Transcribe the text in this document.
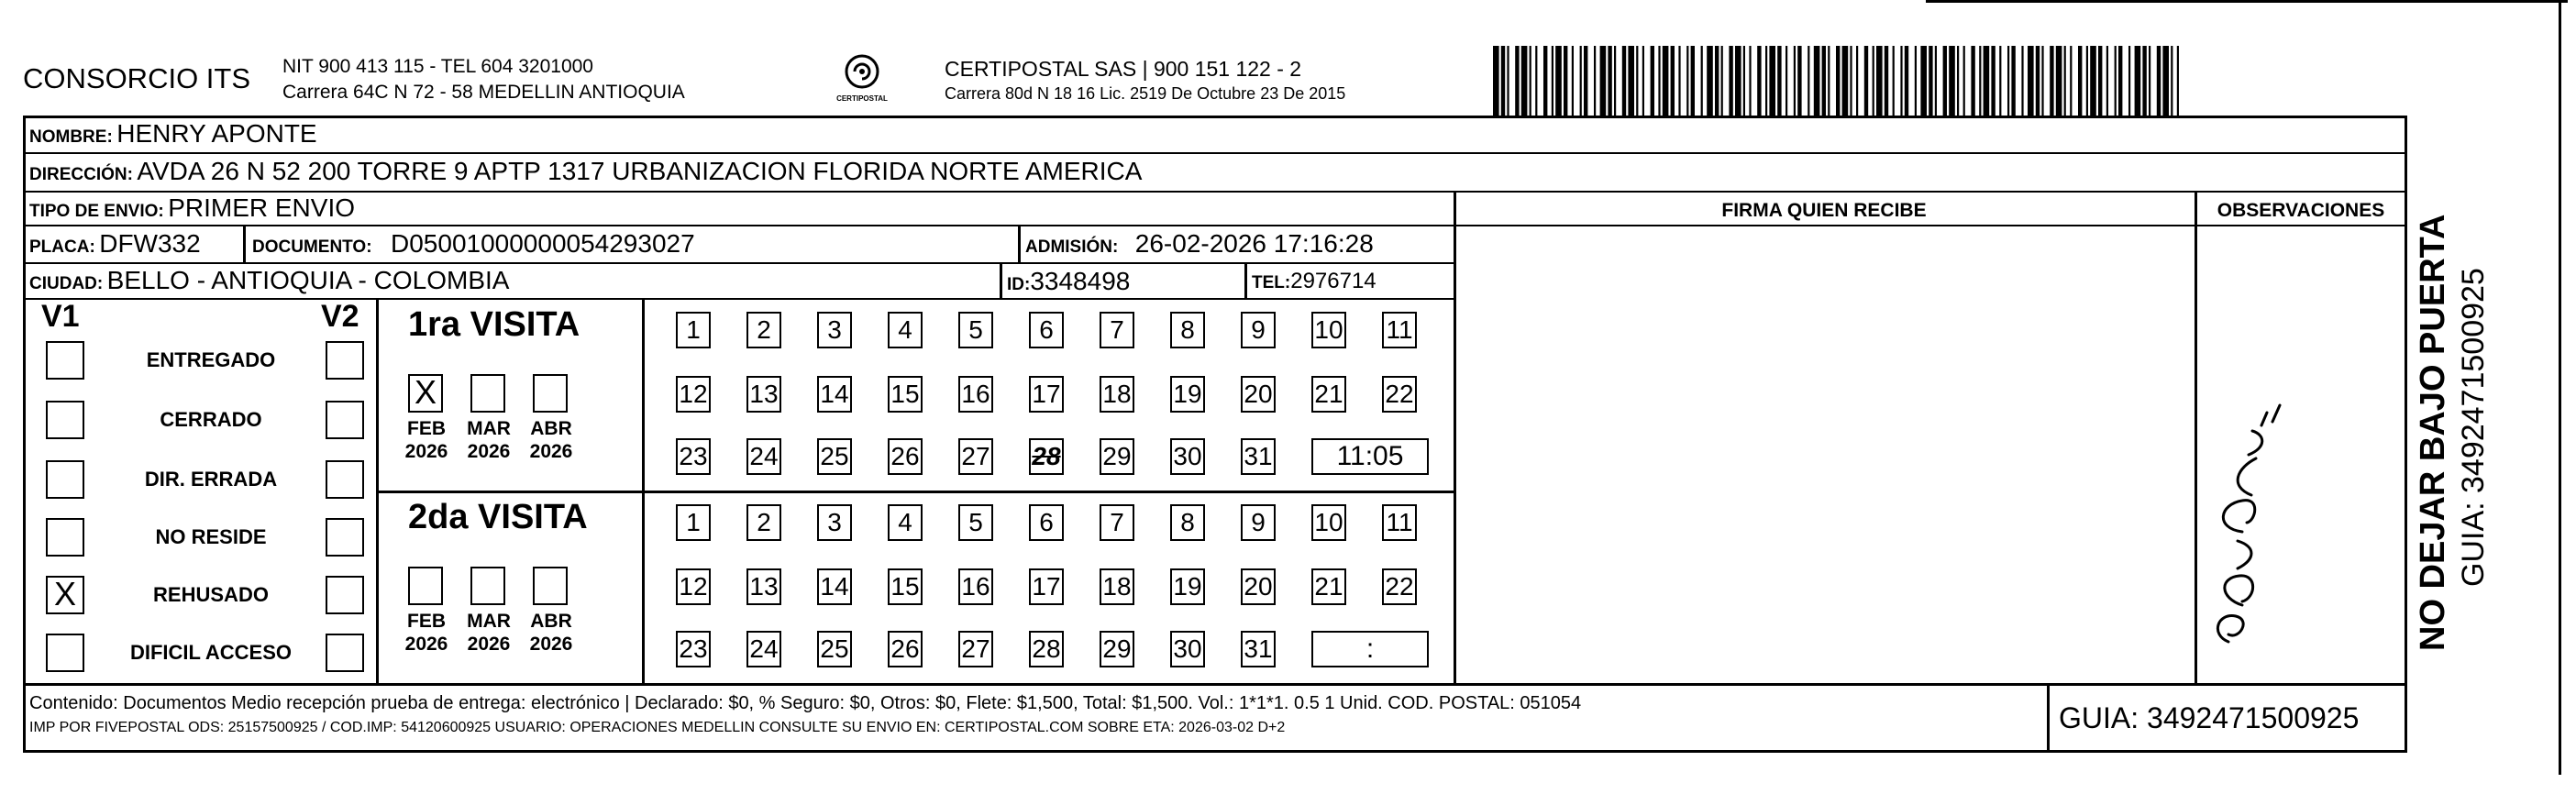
CONSORCIO ITS NIT 900 413 115 - TEL 604 3201000
Carrera 64C N 72 - 58 MEDELLIN ANTIOQUIA	CERTIPOSTAL
CERTIPOSTAL SAS | 900 151 122 - 2
Carrera 80d N 18 16 Lic. 2519 De Octubre 23 De 2015
NOMBRE: HENRY APONTE
DIRECCIÓN: AVDA 26 N 52 200 TORRE 9 APTP 1317 URBANIZACION FLORIDA NORTE AMERICA
TIPO DE ENVIO: PRIMER ENVIO	FIRMA QUIEN RECIBE	OBSERVACIONES
PLACA: DFW332	DOCUMENTO: D05001000000054293027	ADMISIÓN: 26-02-2026 17:16:28
CIUDAD: BELLO - ANTIOQUIA - COLOMBIA	ID:3348498	TEL:2976714
V1	V2
ENTREGADO
CERRADO
DIR. ERRADA
NO RESIDE
X	REHUSADO
DIFICIL ACCESO
1ra VISITA
X
FEB
2026
MAR
2026
ABR
2026
1	2	3	4	5	6	7	8	9	10 11
12 13 14 15 16 17 18 19 20 21 22
23 24 25 26 27 28 29 30 31	11:05
2da VISITA
FEB
2026
MAR
2026
ABR
2026
1	2	3	4	5	6	7	8	9	10 11
12 13 14 15 16 17 18 19 20 21 22
23 24 25 26 27 28 29 30 31	:
Contenido: Documentos Medio recepción prueba de entrega: electrónico | Declarado: $0, % Seguro: $0, Otros: $0, Flete: $1,500, Total: $1,500. Vol.: 1*1*1. 0.5 1 Unid. COD. POSTAL: 051054
IMP POR FIVEPOSTAL ODS: 25157500925 / COD.IMP: 54120600925 USUARIO: OPERACIONES MEDELLIN CONSULTE SU ENVIO EN: CERTIPOSTAL.COM SOBRE ETA: 2026-03-02 D+2	GUIA: 3492471500925
NO DEJAR BAJO PUERTA GUIA: 3492471500925
